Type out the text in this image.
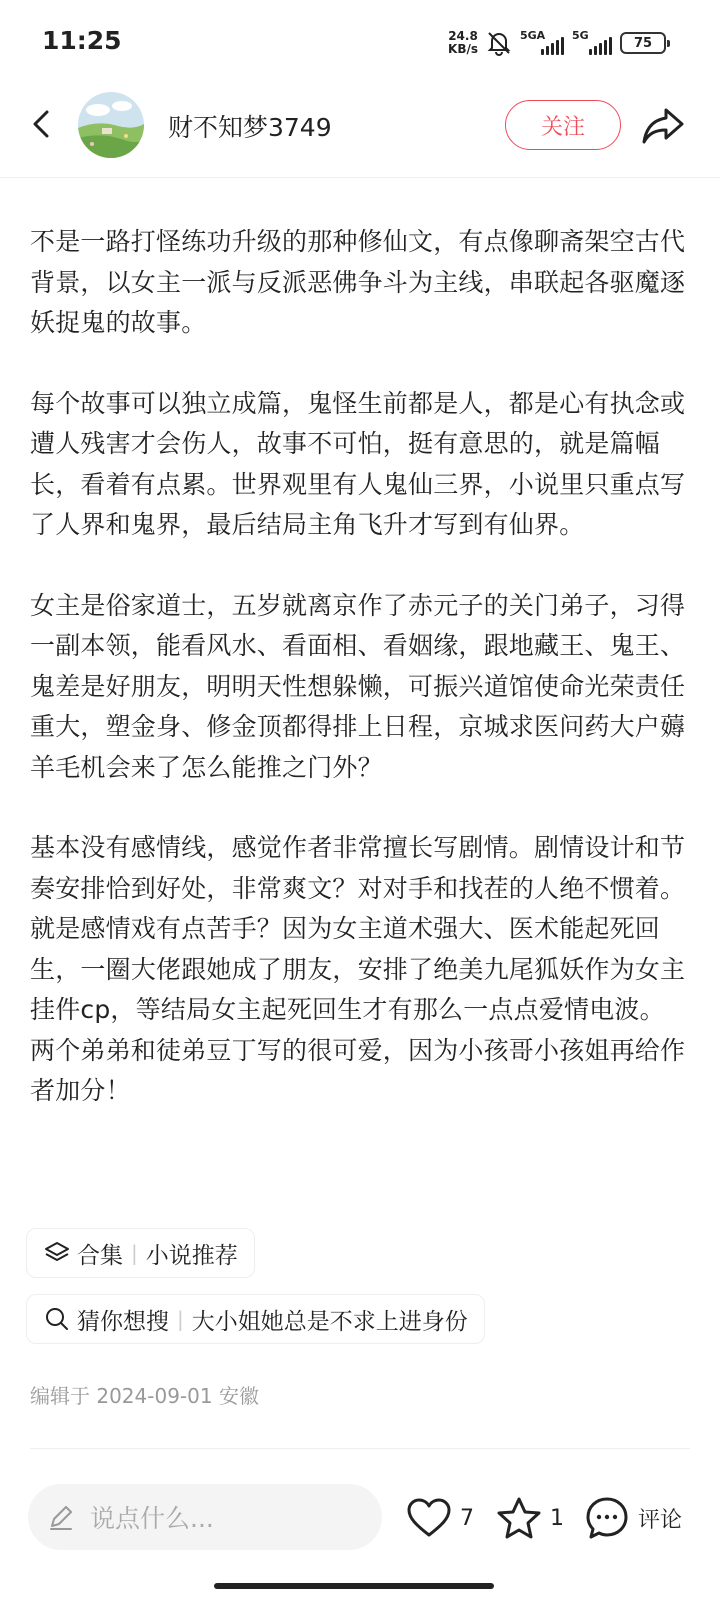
11:25	24.8
KB/s
5GA 5G	75
财不知梦3749	关注

不是一路打怪练功升级的那种修仙文，有点像聊斋架空古代背景，以女主一派与反派恶佛争斗为主线，串联起各驱魔逐妖捉鬼的故事。

每个故事可以独立成篇，鬼怪生前都是人，都是心有执念或遭人残害才会伤人，故事不可怕，挺有意思的，就是篇幅长，看着有点累。世界观里有人鬼仙三界，小说里只重点写了人界和鬼界，最后结局主角飞升才写到有仙界。

女主是俗家道士，五岁就离京作了赤元子的关门弟子，习得一副本领，能看风水、看面相、看姻缘，跟地藏王、鬼王、鬼差是好朋友，明明天性想躲懒，可振兴道馆使命光荣责任重大，塑金身、修金顶都得排上日程，京城求医问药大户薅羊毛机会来了怎么能推之门外？

基本没有感情线，感觉作者非常擅长写剧情。剧情设计和节奏安排恰到好处，非常爽文？对对手和找茬的人绝不惯着。就是感情戏有点苦手？因为女主道术强大、医术能起死回生，一圈大佬跟她成了朋友，安排了绝美九尾狐妖作为女主挂件cp，等结局女主起死回生才有那么一点点爱情电波。两个弟弟和徒弟豆丁写的很可爱，因为小孩哥小孩姐再给作者加分！

合集 | 小说推荐
猜你想搜 | 大小姐她总是不求上进身份
编辑于 2024-09-01 安徽
说点什么...	7	1	评论
